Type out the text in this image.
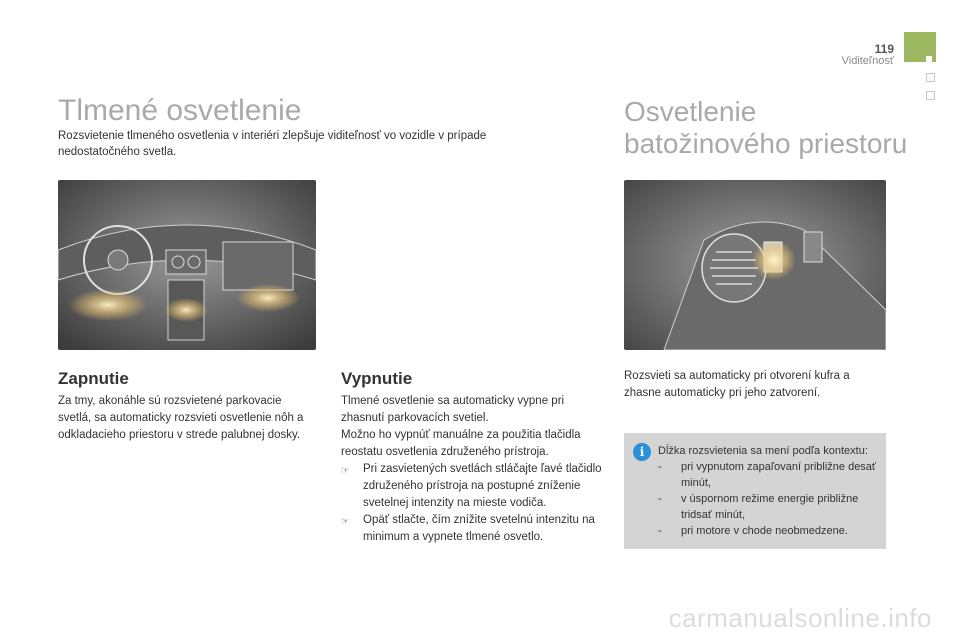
119
Viditeľnosť
Tlmené osvetlenie
Rozsvietenie tlmeného osvetlenia v interiéri zlepšuje viditeľnosť vo vozidle v prípade nedostatočného svetla.
Zapnutie
Za tmy, akonáhle sú rozsvietené parkovacie svetlá, sa automaticky rozsvieti osvetlenie nôh a odkladacieho priestoru v strede palubnej dosky.
Vypnutie

Tlmené osvetlenie sa automaticky vypne pri zhasnutí parkovacích svetiel.

Možno ho vypnúť manuálne za použitia tlačidla reostatu osvetlenia združeného prístroja.

☞	Pri zasvietených svetlách stláčajte ľavé tlačidlo združeného prístroja na postupné zníženie svetelnej intenzity na mieste vodiča.
☞	Opäť stlačte, čím znížite svetelnú intenzitu na minimum a vypnete tlmené osvetlo.
Osvetlenie
batožinového priestoru
Rozsvieti sa automaticky pri otvorení kufra a zhasne automaticky pri jeho zatvorení.
i	Dĺžka rozsvietenia sa mení podľa kontextu:
-	pri vypnutom zapaľovaní približne desať minút,
-	v úspornom režime energie približne tridsať minút,
-	pri motore v chode neobmedzene.
carmanualsonline.info
